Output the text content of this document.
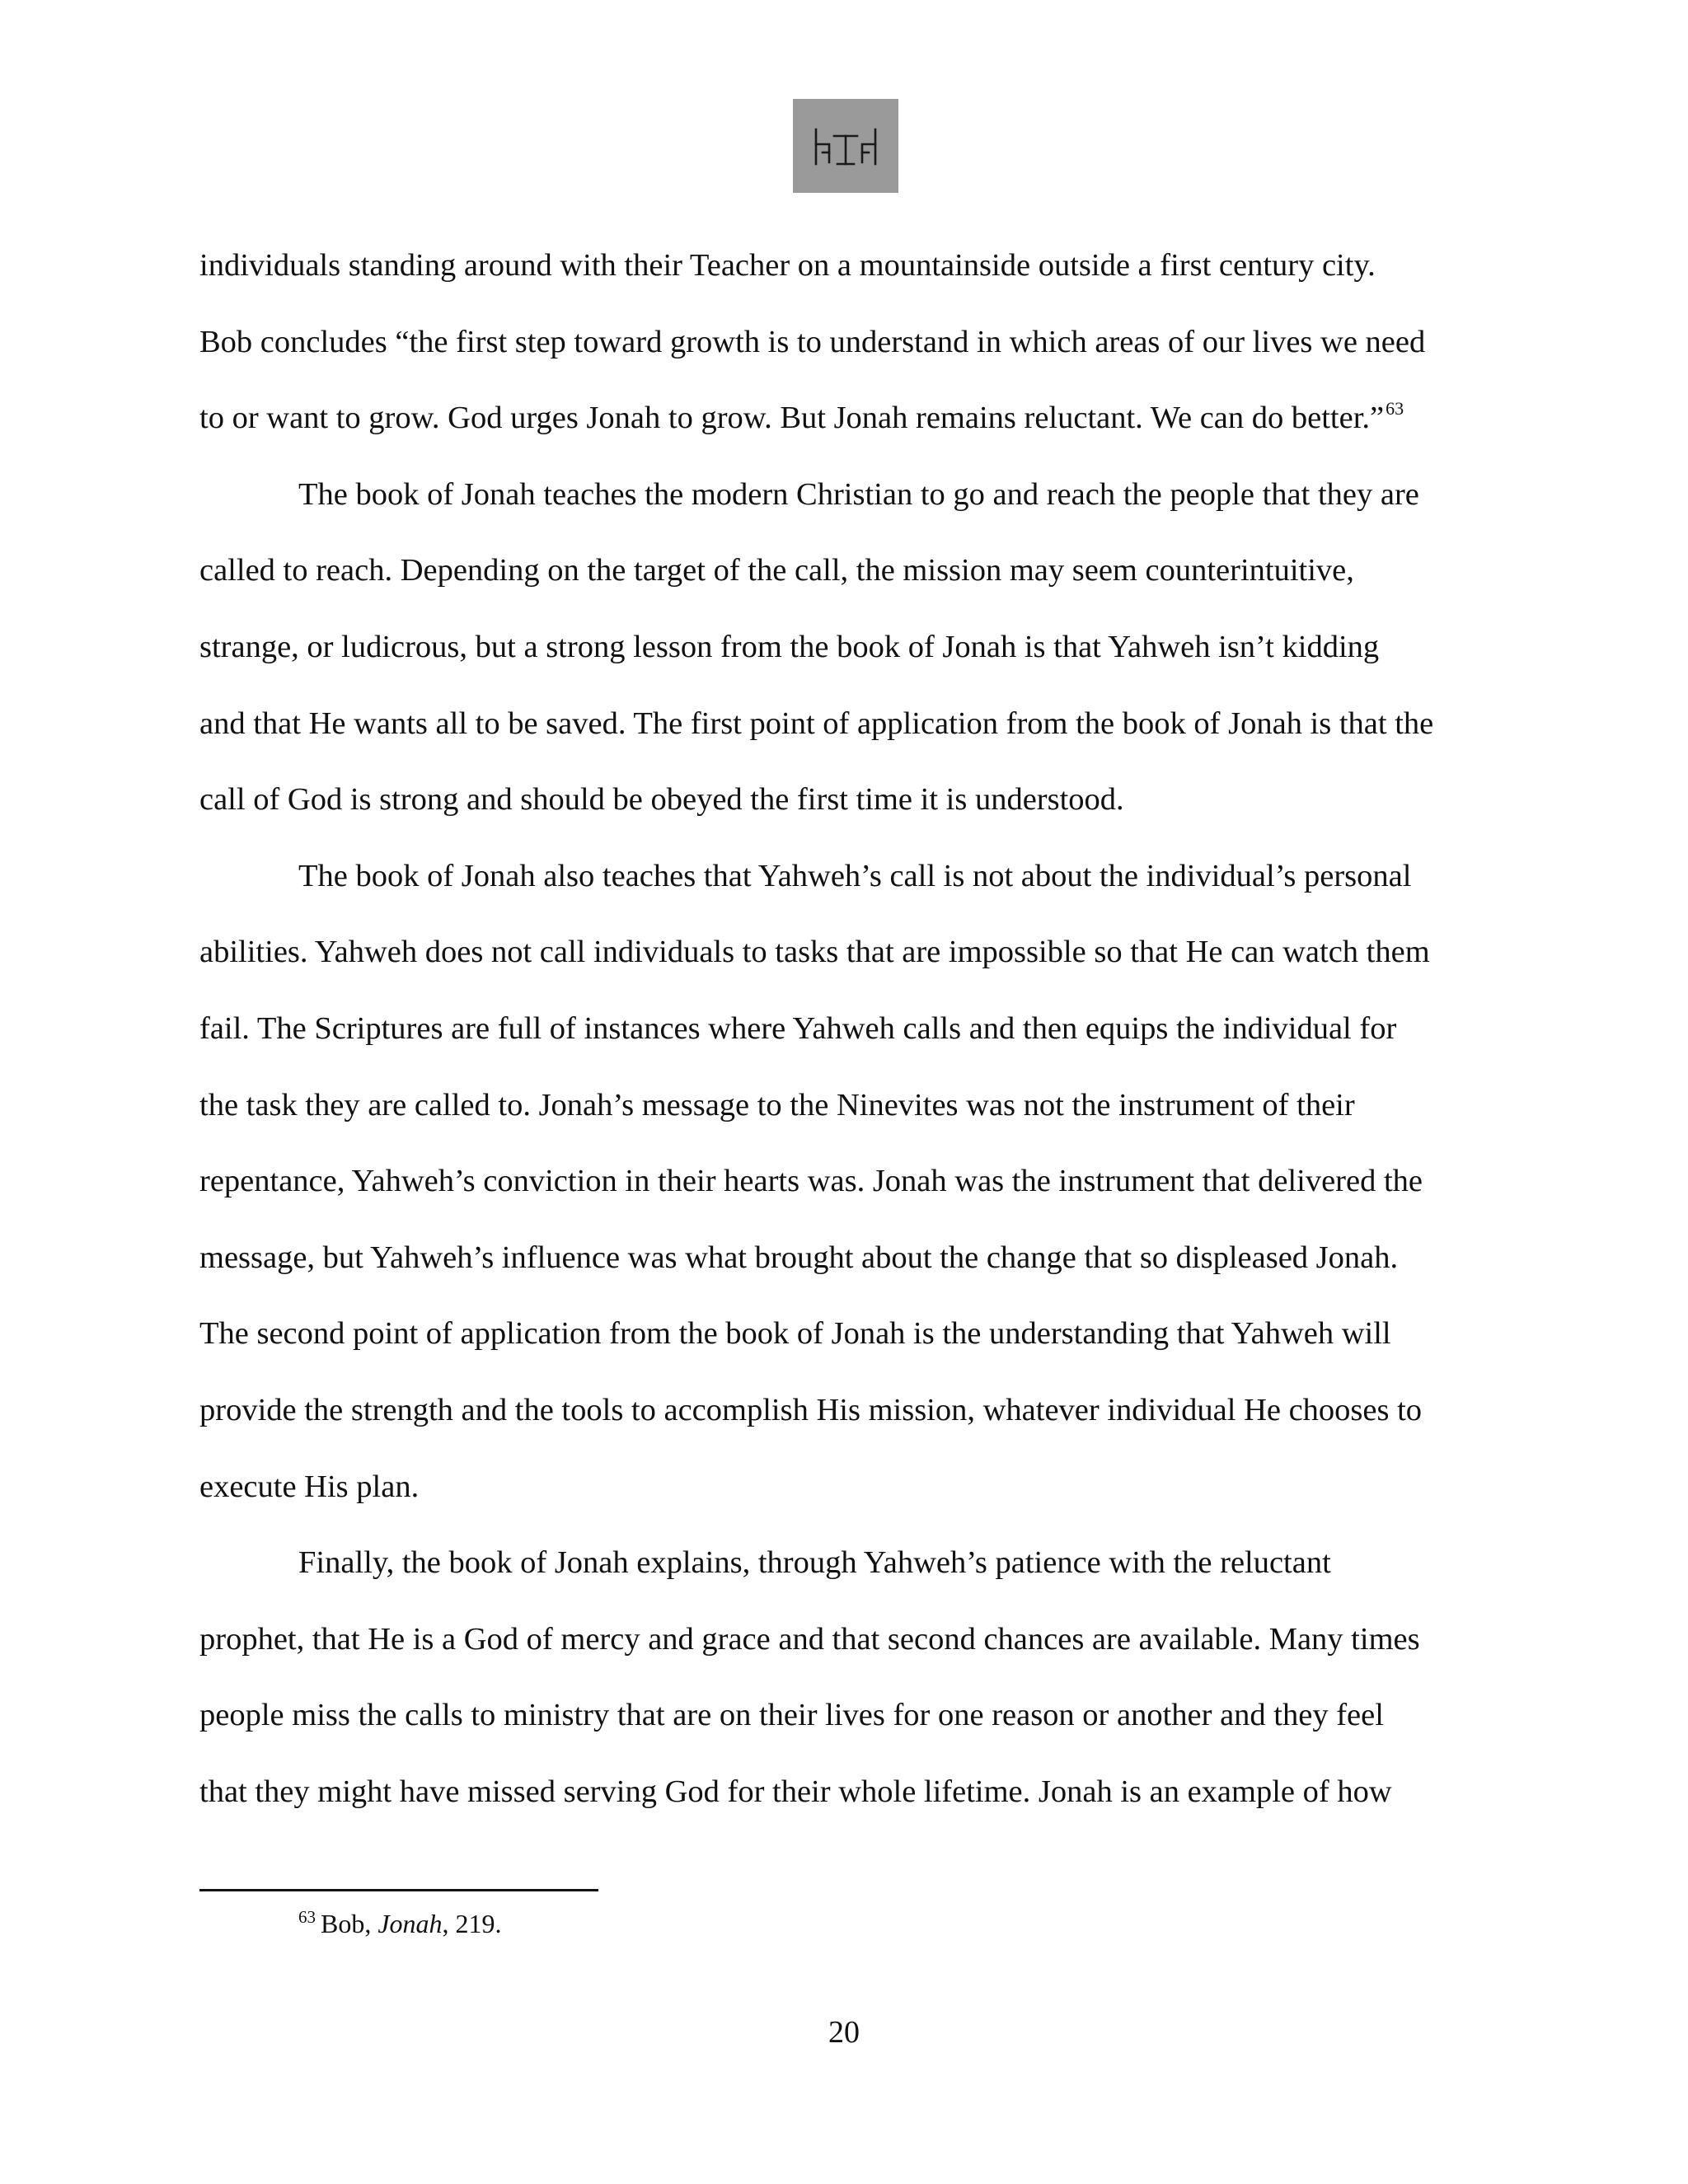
individuals standing around with their Teacher on a mountainside outside a first century city.
Bob concludes “the first step toward growth is to understand in which areas of our lives we need
to or want to grow. God urges Jonah to grow. But Jonah remains reluctant. We can do better.”$^{63}$
The book of Jonah teaches the modern Christian to go and reach the people that they are
called to reach. Depending on the target of the call, the mission may seem counterintuitive,
strange, or ludicrous, but a strong lesson from the book of Jonah is that Yahweh isn’t kidding
and that He wants all to be saved. The first point of application from the book of Jonah is that the
call of God is strong and should be obeyed the first time it is understood.
The book of Jonah also teaches that Yahweh’s call is not about the individual’s personal
abilities. Yahweh does not call individuals to tasks that are impossible so that He can watch them
fail. The Scriptures are full of instances where Yahweh calls and then equips the individual for
the task they are called to. Jonah’s message to the Ninevites was not the instrument of their
repentance, Yahweh’s conviction in their hearts was. Jonah was the instrument that delivered the
message, but Yahweh’s influence was what brought about the change that so displeased Jonah.
The second point of application from the book of Jonah is the understanding that Yahweh will
provide the strength and the tools to accomplish His mission, whatever individual He chooses to
execute His plan.
Finally, the book of Jonah explains, through Yahweh’s patience with the reluctant
prophet, that He is a God of mercy and grace and that second chances are available. Many times
people miss the calls to ministry that are on their lives for one reason or another and they feel
that they might have missed serving God for their whole lifetime. Jonah is an example of how
$^{63}$ Bob, Jonah, 219.
20
